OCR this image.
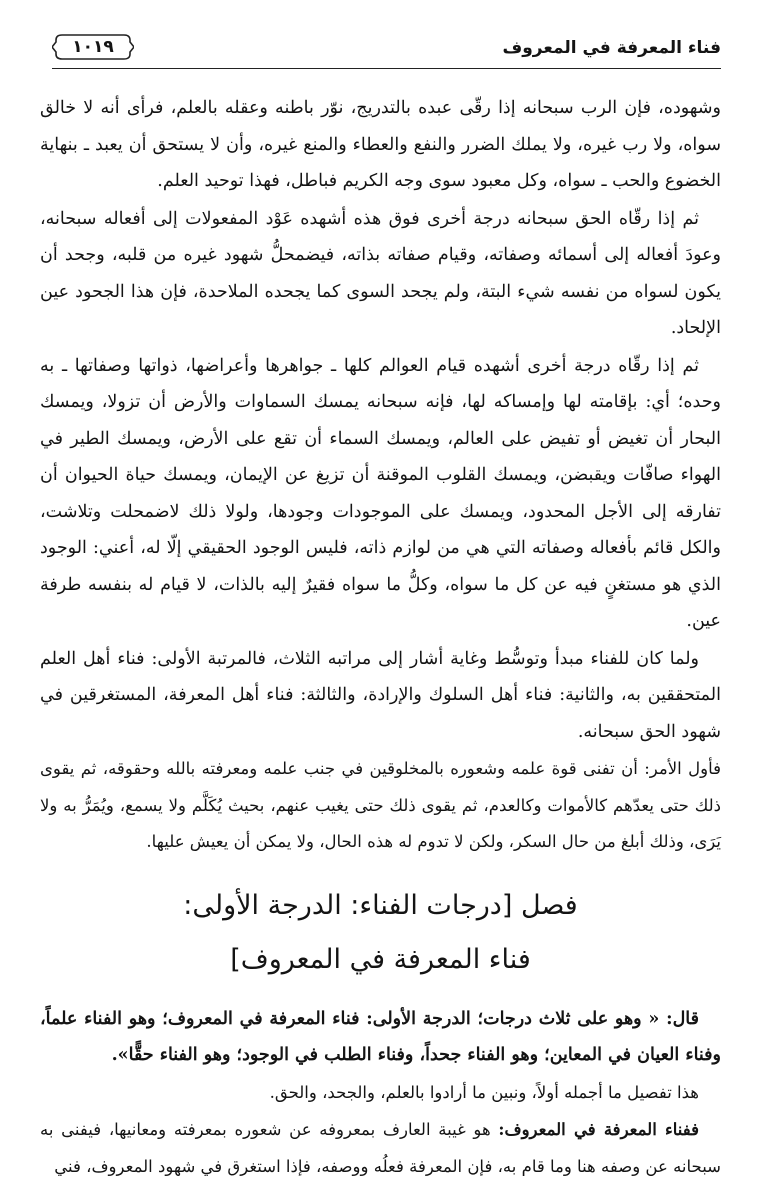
فناء المعرفة في المعروف
١٠١٩

وشهوده، فإن الرب سبحانه إذا رقّى عبده بالتدريج، نوّر باطنه وعقله بالعلم، فرأى أنه لا خالق سواه، ولا رب غيره، ولا يملك الضرر والنفع والعطاء والمنع غيره، وأن لا يستحق أن يعبد ـ بنهاية الخضوع والحب ـ سواه، وكل معبود سوى وجه الكريم فباطل، فهذا توحيد العلم.

ثم إذا رقّاه الحق سبحانه درجة أخرى فوق هذه أشهده عَوْد المفعولات إلى أفعاله سبحانه، وعودَ أفعاله إلى أسمائه وصفاته، وقيام صفاته بذاته، فيضمحلُّ شهود غيره من قلبه، وجحد أن يكون لسواه من نفسه شيء البتة، ولم يجحد السوى كما يجحده الملاحدة، فإن هذا الجحود عين الإلحاد.

ثم إذا رقّاه درجة أخرى أشهده قيام العوالم كلها ـ جواهرها وأعراضها، ذواتها وصفاتها ـ به وحده؛ أي: بإقامته لها وإمساكه لها، فإنه سبحانه يمسك السماوات والأرض أن تزولا، ويمسك البحار أن تغيض أو تفيض على العالم، ويمسك السماء أن تقع على الأرض، ويمسك الطير في الهواء صافّات ويقبضن، ويمسك القلوب الموقنة أن تزيغ عن الإيمان، ويمسك حياة الحيوان أن تفارقه إلى الأجل المحدود، ويمسك على الموجودات وجودها، ولولا ذلك لاضمحلت وتلاشت، والكل قائم بأفعاله وصفاته التي هي من لوازم ذاته، فليس الوجود الحقيقي إلّا له، أعني: الوجود الذي هو مستغنٍ فيه عن كل ما سواه، وكلُّ ما سواه فقيرٌ إليه بالذات، لا قيام له بنفسه طرفة عين.

ولما كان للفناء مبدأ وتوسُّط وغاية أشار إلى مراتبه الثلاث، فالمرتبة الأولى: فناء أهل العلم المتحققين به، والثانية: فناء أهل السلوك والإرادة، والثالثة: فناء أهل المعرفة، المستغرقين في شهود الحق سبحانه.

فأول الأمر: أن تفنى قوة علمه وشعوره بالمخلوقين في جنب علمه ومعرفته بالله وحقوقه، ثم يقوى ذلك حتى يعدّهم كالأموات وكالعدم، ثم يقوى ذلك حتى يغيب عنهم، بحيث يُكَلَّم ولا يسمع، ويُمَرُّ به ولا يَرَى، وذلك أبلغ من حال السكر، ولكن لا تدوم له هذه الحال، ولا يمكن أن يعيش عليها.

فصل [درجات الفناء: الدرجة الأولى:
فناء المعرفة في المعروف]

قال: « وهو على ثلاث درجات؛ الدرجة الأولى: فناء المعرفة في المعروف؛ وهو الفناء علماً، وفناء العيان في المعاين؛ وهو الفناء جحداً، وفناء الطلب في الوجود؛ وهو الفناء حقًّا».

هذا تفصيل ما أجمله أولاً، ونبين ما أرادوا بالعلم، والجحد، والحق.

ففناء المعرفة في المعروف: هو غيبة العارف بمعروفه عن شعوره بمعرفته ومعانيها، فيفنى به سبحانه عن وصفه هنا وما قام به، فإن المعرفة فعلُه ووصفه، فإذا استغرق في شهود المعروف، فني
